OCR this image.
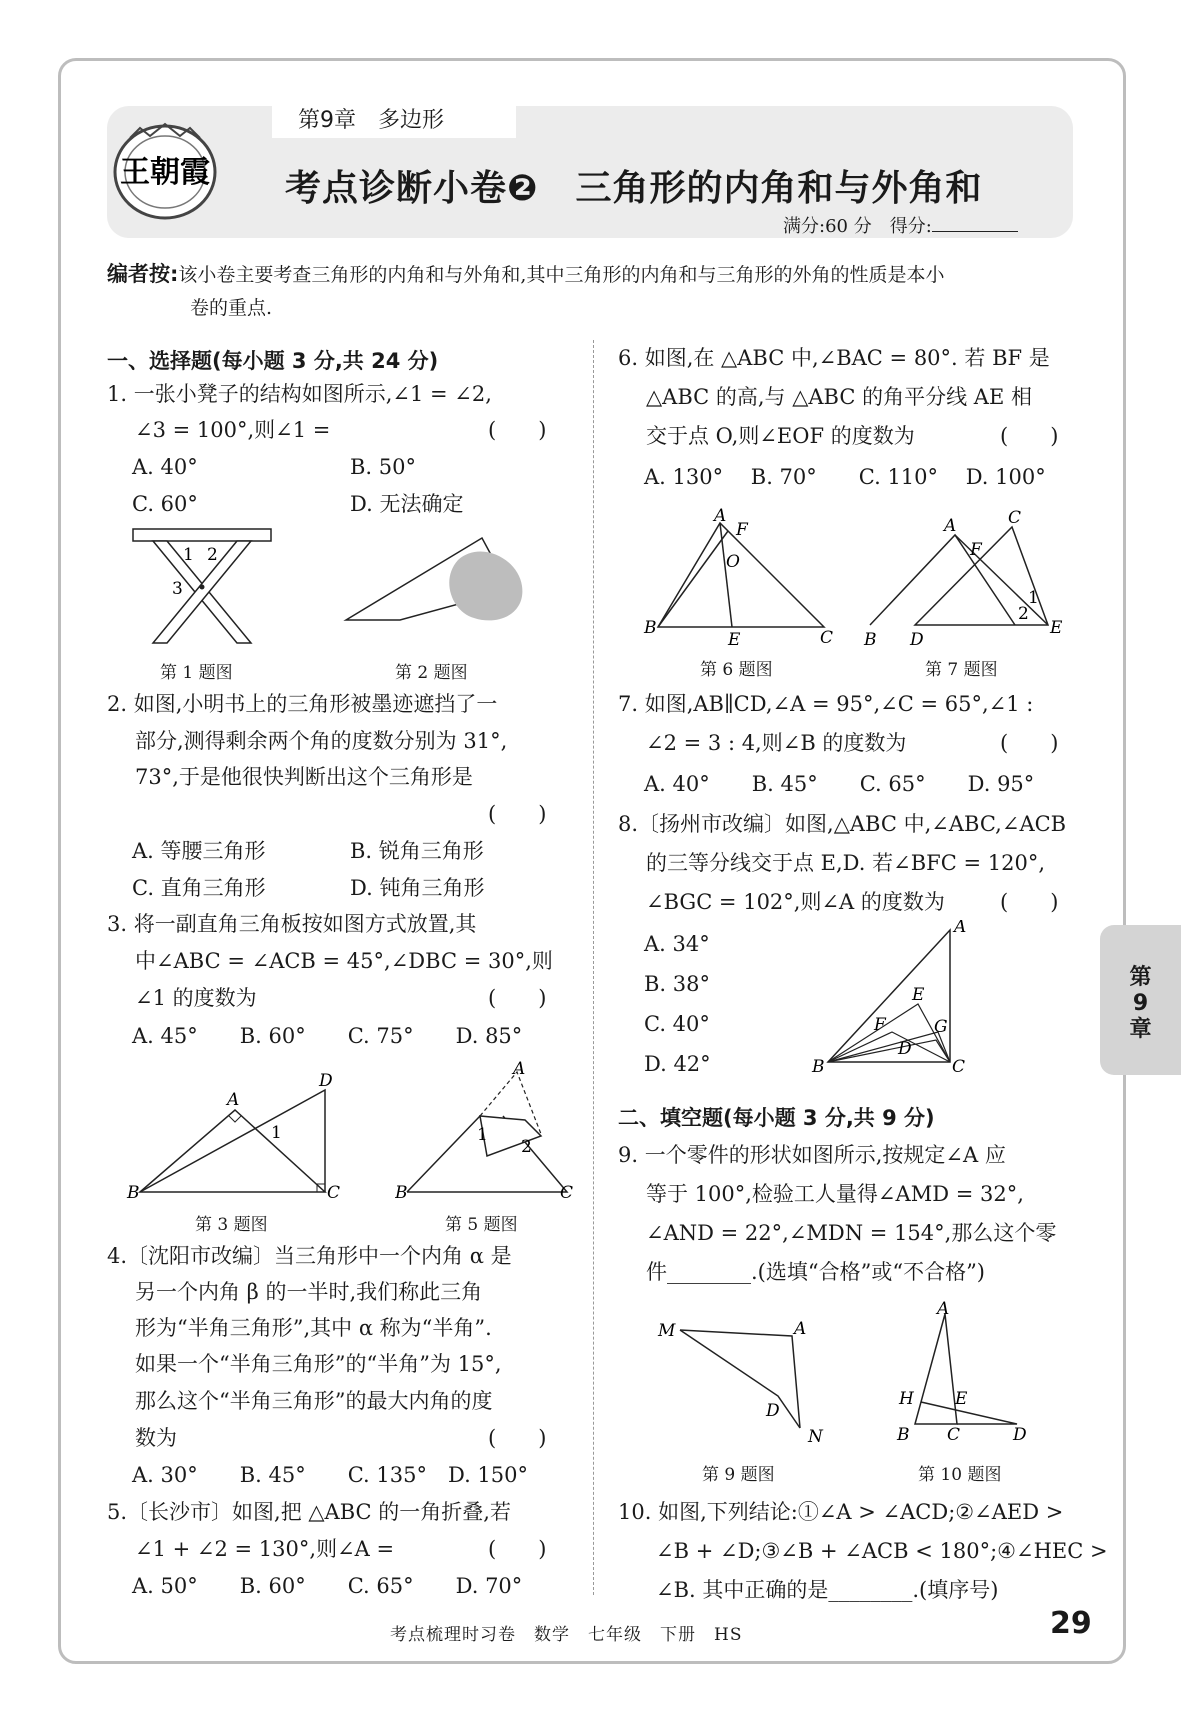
王朝霞
第9章　多边形
考点诊断小卷❷　三角形的内角和与外角和
满分:60 分　得分:
编者按:该小卷主要考查三角形的内角和与外角和,其中三角形的内角和与三角形的外角的性质是本小
卷的重点.
一、选择题(每小题 3 分,共 24 分)
1. 一张小凳子的结构如图所示,∠1 = ∠2,
∠3 = 100°,则∠1 =	(　　)
A. 40°	B. 50°
C. 60°	D. 无法确定
1 2
3
第 1 题图	第 2 题图
2. 如图,小明书上的三角形被墨迹遮挡了一
部分,测得剩余两个角的度数分别为 31°,
73°,于是他很快判断出这个三角形是
(　　)
A. 等腰三角形	B. 锐角三角形
C. 直角三角形	D. 钝角三角形
3. 将一副直角三角板按如图方式放置,其
中∠ABC = ∠ACB = 45°,∠DBC = 30°,则
∠1 的度数为	(　　)
A. 45°　　B. 60°　　C. 75°　　D. 85°
A
D
B	C
1
A
1
2
B	C
第 3 题图	第 5 题图
4.〔沈阳市改编〕当三角形中一个内角 α 是
另一个内角 β 的一半时,我们称此三角
形为“半角三角形”,其中 α 称为“半角”.
如果一个“半角三角形”的“半角”为 15°,
那么这个“半角三角形”的最大内角的度
数为	(　　)
A. 30°　　B. 45°　　C. 135°　D. 150°
5.〔长沙市〕如图,把 △ABC 的一角折叠,若
∠1 + ∠2 = 130°,则∠A =	(　　)
A. 50°　　B. 60°　　C. 65°　　D. 70°
6. 如图,在 △ABC 中,∠BAC = 80°. 若 BF 是
△ABC 的高,与 △ABC 的角平分线 AE 相
交于点 O,则∠EOF 的度数为	(　　)
A. 130°　 B. 70°　　C. 110°　 D. 100°
A
F
O
B
E	C
C
A
F
1
2
B D
E
第 6 题图	第 7 题图
7. 如图,AB∥CD,∠A = 95°,∠C = 65°,∠1 :
∠2 = 3 : 4,则∠B 的度数为	(　　)
A. 40°　　B. 45°　　C. 65°　　D. 95°
8.〔扬州市改编〕如图,△ABC 中,∠ABC,∠ACB
的三等分线交于点 E,D. 若∠BFC = 120°,
∠BGC = 102°,则∠A 的度数为	(　　)
A. 34°
B. 38°
C. 40°
D. 42°
A
E
F	G
D
B	C
二、填空题(每小题 3 分,共 9 分)
9. 一个零件的形状如图所示,按规定∠A 应
等于 100°,检验工人量得∠AMD = 32°,
∠AND = 22°,∠MDN = 154°,那么这个零
件________.(选填“合格”或“不合格”)
M	A
D
N
A
H E
B C	D
第 9 题图	第 10 题图
10. 如图,下列结论:①∠A > ∠ACD;②∠AED >
∠B + ∠D;③∠B + ∠ACB < 180°;④∠HEC >
∠B. 其中正确的是________.(填序号)
第
9
章
考点梳理时习卷　数学　七年级　下册　HS	29
